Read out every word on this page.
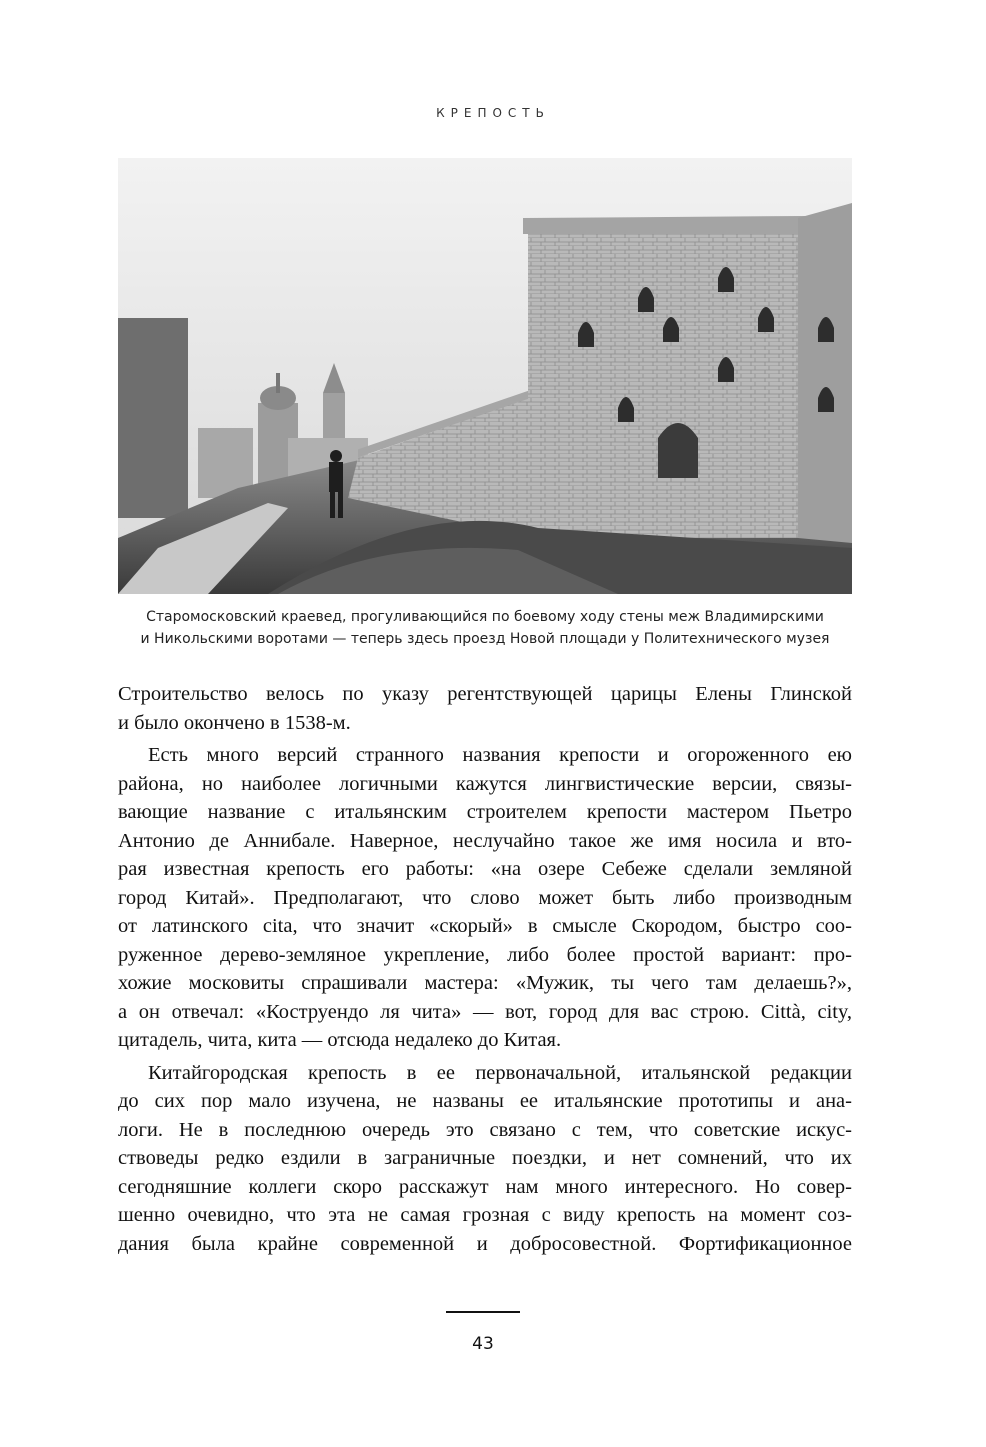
КРЕПОСТЬ
Старомосковский краевед, прогуливающийся по боевому ходу стены меж Владимирскими
и Никольскими воротами — теперь здесь проезд Новой площади у Политехнического музея
Строительство велось по указу регентствующей царицы Елены Глинской
и было окончено в 1538-м.
Есть много версий странного названия крепости и огороженного ею
района, но наиболее логичными кажутся лингвистические версии, связы-
вающие название с итальянским строителем крепости мастером Пьетро
Антонио де Аннибале. Наверное, неслучайно такое же имя носила и вто-
рая известная крепость его работы: «на озере Себеже сделали земляной
город Китай». Предполагают, что слово может быть либо производным
от латинского cita, что значит «скорый» в смысле Скородом, быстро соо-
руженное дерево-земляное укрепление, либо более простой вариант: про-
хожие московиты спрашивали мастера: «Мужик, ты чего там делаешь?»,
а он отвечал: «Коструендо ля чита» — вот, город для вас строю. Città, city,
цитадель, чита, кита — отсюда недалеко до Китая.
Китайгородская крепость в ее первоначальной, итальянской редакции
до сих пор мало изучена, не названы ее итальянские прототипы и ана-
логи. Не в последнюю очередь это связано с тем, что советские искус-
ствоведы редко ездили в заграничные поездки, и нет сомнений, что их
сегодняшние коллеги скоро расскажут нам много интересного. Но совер-
шенно очевидно, что эта не самая грозная с виду крепость на момент соз-
дания была крайне современной и добросовестной. Фортификационное
43
